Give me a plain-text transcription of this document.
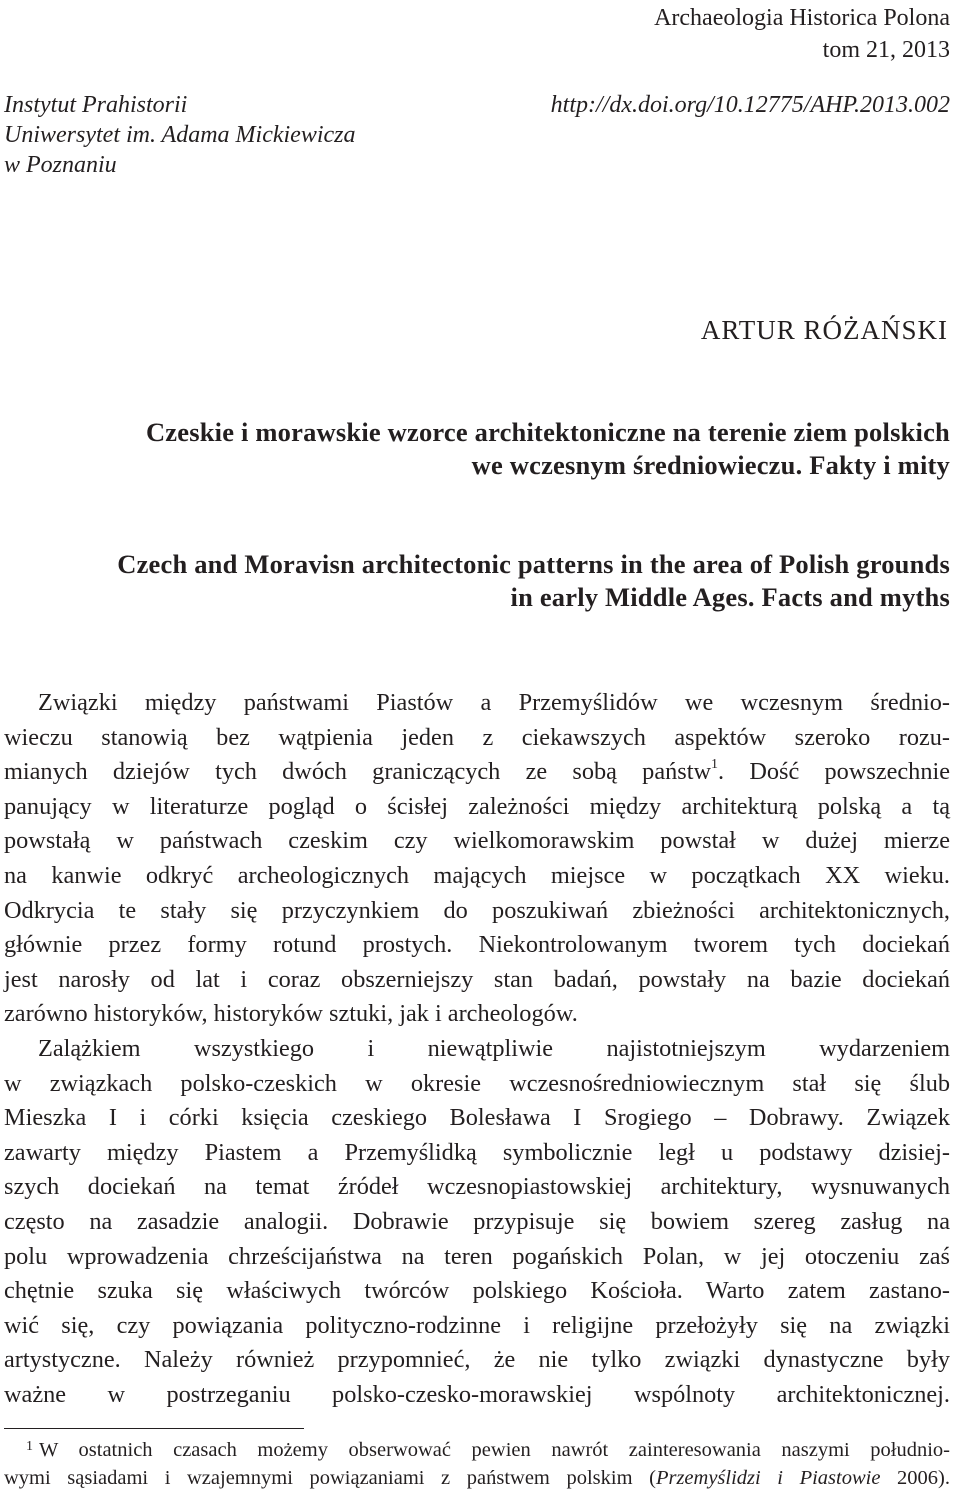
Archaeologia Historica Polona
tom 21, 2013
Instytut Prahistorii
Uniwersytet im. Adama Mickiewicza
w Poznaniu
http://dx.doi.org/10.12775/AHP.2013.002
ARTUR RÓŻAŃSKI
Czeskie i morawskie wzorce architektoniczne na terenie ziem polskich
we wczesnym średniowieczu. Fakty i mity
Czech and Moravisn architectonic patterns in the area of Polish grounds
in early Middle Ages. Facts and myths
Związki między państwami Piastów a Przemyślidów we wczesnym średnio-
wieczu stanowią bez wątpienia jeden z ciekawszych aspektów szeroko rozu-
mianych dziejów tych dwóch graniczących ze sobą państw$^1$. Dość powszechnie
panujący w literaturze pogląd o ścisłej zależności między architekturą polską a tą
powstałą w państwach czeskim czy wielkomorawskim powstał w dużej mierze
na kanwie odkryć archeologicznych mających miejsce w początkach XX wieku.
Odkrycia te stały się przyczynkiem do poszukiwań zbieżności architektonicznych,
głównie przez formy rotund prostych. Niekontrolowanym tworem tych dociekań
jest narosły od lat i coraz obszerniejszy stan badań, powstały na bazie dociekań
zarówno historyków, historyków sztuki, jak i archeologów.
Zalążkiem wszystkiego i niewątpliwie najistotniejszym wydarzeniem
w związkach polsko-czeskich w okresie wczesnośredniowiecznym stał się ślub
Mieszka I i córki księcia czeskiego Bolesława I Srogiego – Dobrawy. Związek
zawarty między Piastem a Przemyślidką symbolicznie legł u podstawy dzisiej-
szych dociekań na temat źródeł wczesnopiastowskiej architektury, wysnuwanych
często na zasadzie analogii. Dobrawie przypisuje się bowiem szereg zasług na
polu wprowadzenia chrześcijaństwa na teren pogańskich Polan, w jej otoczeniu zaś
chętnie szuka się właściwych twórców polskiego Kościoła. Warto zatem zastano-
wić się, czy powiązania polityczno-rodzinne i religijne przełożyły się na związki
artystyczne. Należy również przypomnieć, że nie tylko związki dynastyczne były
ważne w postrzeganiu polsko-czesko-morawskiej wspólnoty architektonicznej.
$^1$ W ostatnich czasach możemy obserwować pewien nawrót zainteresowania naszymi południo-
wymi sąsiadami i wzajemnymi powiązaniami z państwem polskim (Przemyślidzi i Piastowie 2006).
